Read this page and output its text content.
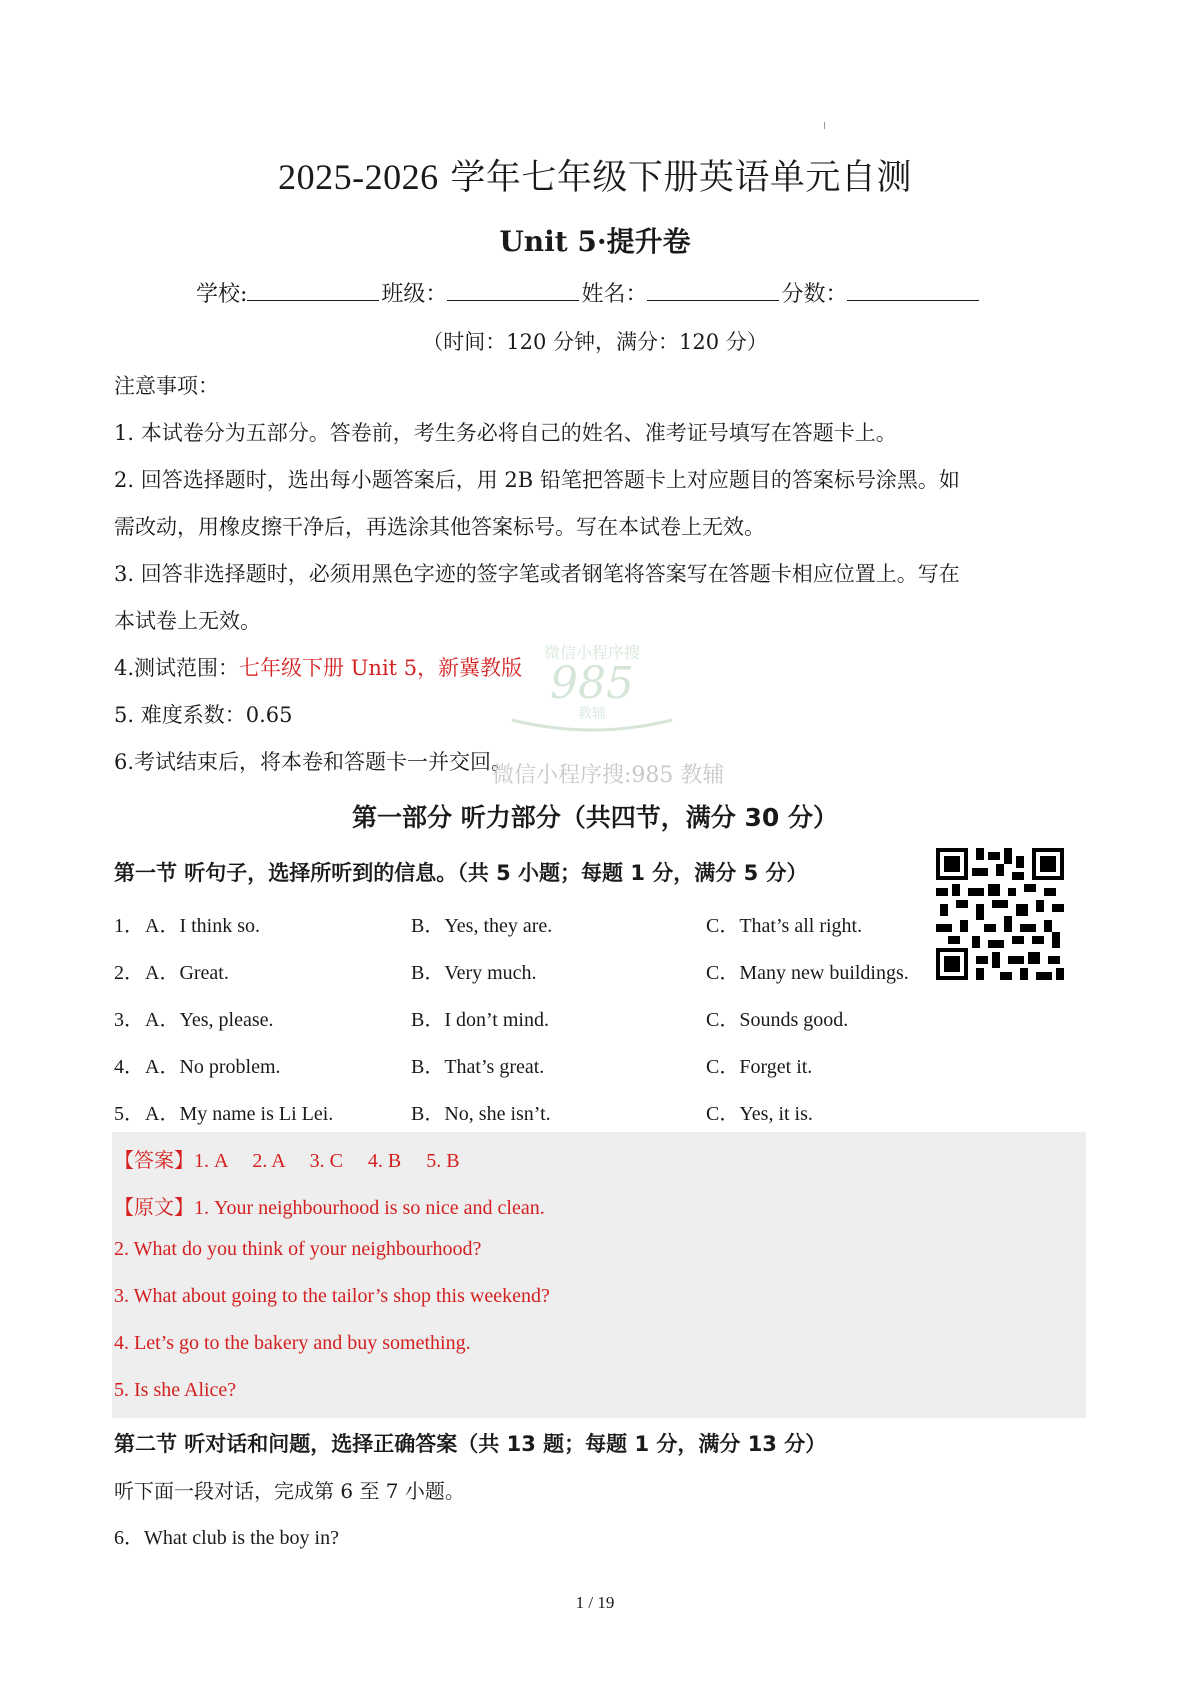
2025-2026 学年七年级下册英语单元自测
Unit 5·提升卷
学校:	班级：	姓名：	分数：
（时间：120 分钟，满分：120 分）
注意事项：
1. 本试卷分为五部分。答卷前，考生务必将自己的姓名、准考证号填写在答题卡上。
2. 回答选择题时，选出每小题答案后，用 2B 铅笔把答题卡上对应题目的答案标号涂黑。如
需改动，用橡皮擦干净后，再选涂其他答案标号。写在本试卷上无效。
3. 回答非选择题时，必须用黑色字迹的签字笔或者钢笔将答案写在答题卡相应位置上。写在
本试卷上无效。
4.测试范围：七年级下册 Unit 5，新冀教版
5. 难度系数：0.65
6.考试结束后，将本卷和答题卡一并交回。
微信小程序搜
985
教辅
微信小程序搜:985 教辅
第一部分 听力部分（共四节，满分 30 分）
第一节 听句子，选择所听到的信息。（共 5 小题；每题 1 分，满分 5 分）
1． A．I think so.	B．Yes, they are.	C．That’s all right.
2． A．Great.	B．Very much.	C．Many new buildings.
3． A．Yes, please.	B．I don’t mind.	C．Sounds good.
4． A．No problem.	B．That’s great.	C．Forget it.
5． A．My name is Li Lei.	B．No, she isn’t.	C．Yes, it is.
【答案】1. A     2. A     3. C     4. B     5. B
【原文】1. Your neighbourhood is so nice and clean.
2. What do you think of your neighbourhood?
3. What about going to the tailor’s shop this weekend?
4. Let’s go to the bakery and buy something.
5. Is she Alice?
第二节 听对话和问题，选择正确答案（共 13 题；每题 1 分，满分 13 分）
听下面一段对话，完成第 6 至 7 小题。
6．What club is the boy in?
1 / 19
